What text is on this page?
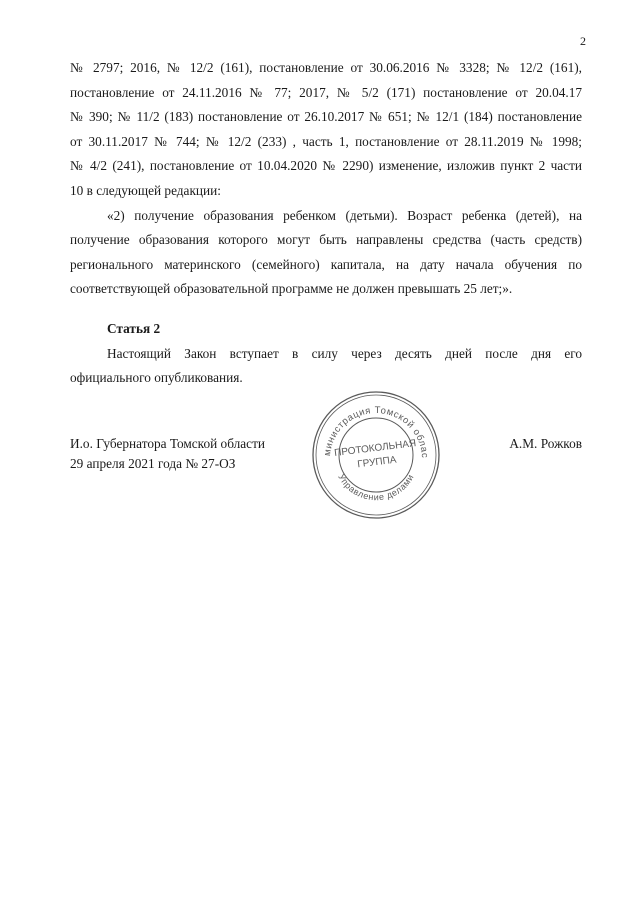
2
№ 2797; 2016, № 12/2 (161), постановление от 30.06.2016 № 3328; № 12/2 (161),
постановление от 24.11.2016 № 77; 2017, № 5/2 (171) постановление от 20.04.17
№ 390; № 11/2 (183) постановление от 26.10.2017 № 651; № 12/1 (184) постановление
от 30.11.2017 № 744; № 12/2 (233) , часть 1, постановление от 28.11.2019 № 1998;
№ 4/2 (241), постановление от 10.04.2020 № 2290) изменение, изложив пункт 2 части
10 в следующей редакции:
«2) получение образования ребенком (детьми). Возраст ребенка (детей), на
получение образования которого могут быть направлены средства (часть средств)
регионального материнского (семейного) капитала, на дату начала обучения по
соответствующей образовательной программе не должен превышать 25 лет;».
Статья 2
Настоящий Закон вступает в силу через десять дней после дня его
официального опубликования.
И.о. Губернатора Томской области
29 апреля 2021 года № 27-ОЗ
А.М. Рожков
министрация Томской облас
Управление делами
ПРОТОКОЛЬНАЯ
ГРУППА
